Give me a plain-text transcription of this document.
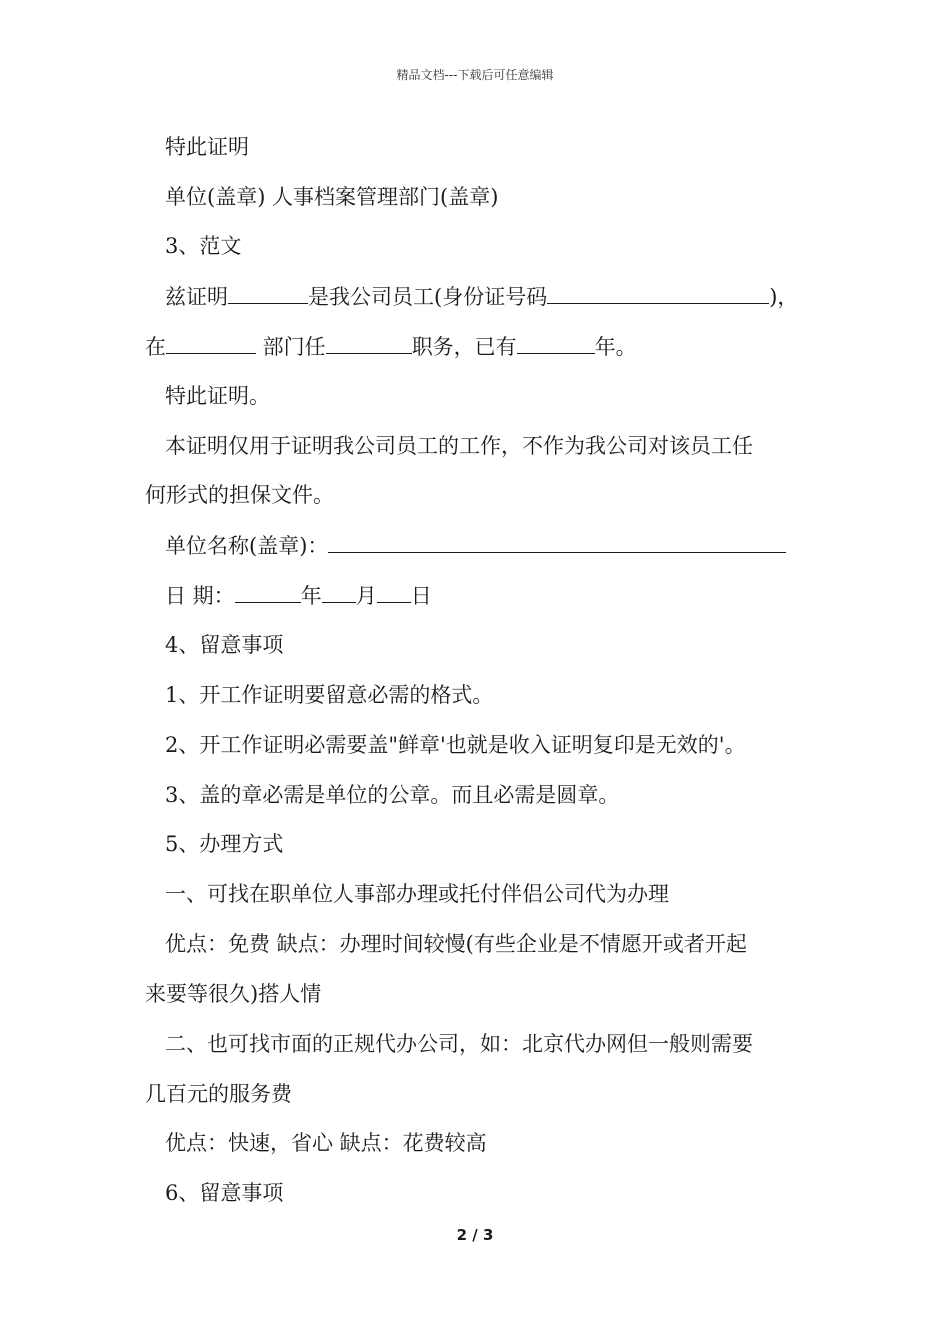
精品文档---下载后可任意编辑
特此证明
单位(盖章) 人事档案管理部门(盖章)
3、范文
兹证明	是我公司员工(身份证号码	)，
在	部门任	职务，已有	年。
特此证明。
本证明仅用于证明我公司员工的工作，不作为我公司对该员工任
何形式的担保文件。
单位名称(盖章)：
日 期：	年 月 日
4、留意事项
1、开工作证明要留意必需的格式。
2、开工作证明必需要盖"鲜章'也就是收入证明复印是无效的'。
3、盖的章必需是单位的公章。而且必需是圆章。
5、办理方式
一、可找在职单位人事部办理或托付伴侣公司代为办理
优点：免费 缺点：办理时间较慢(有些企业是不情愿开或者开起
来要等很久)搭人情
二、也可找市面的正规代办公司，如：北京代办网但一般则需要
几百元的服务费
优点：快速，省心 缺点：花费较高
6、留意事项
2 / 3
